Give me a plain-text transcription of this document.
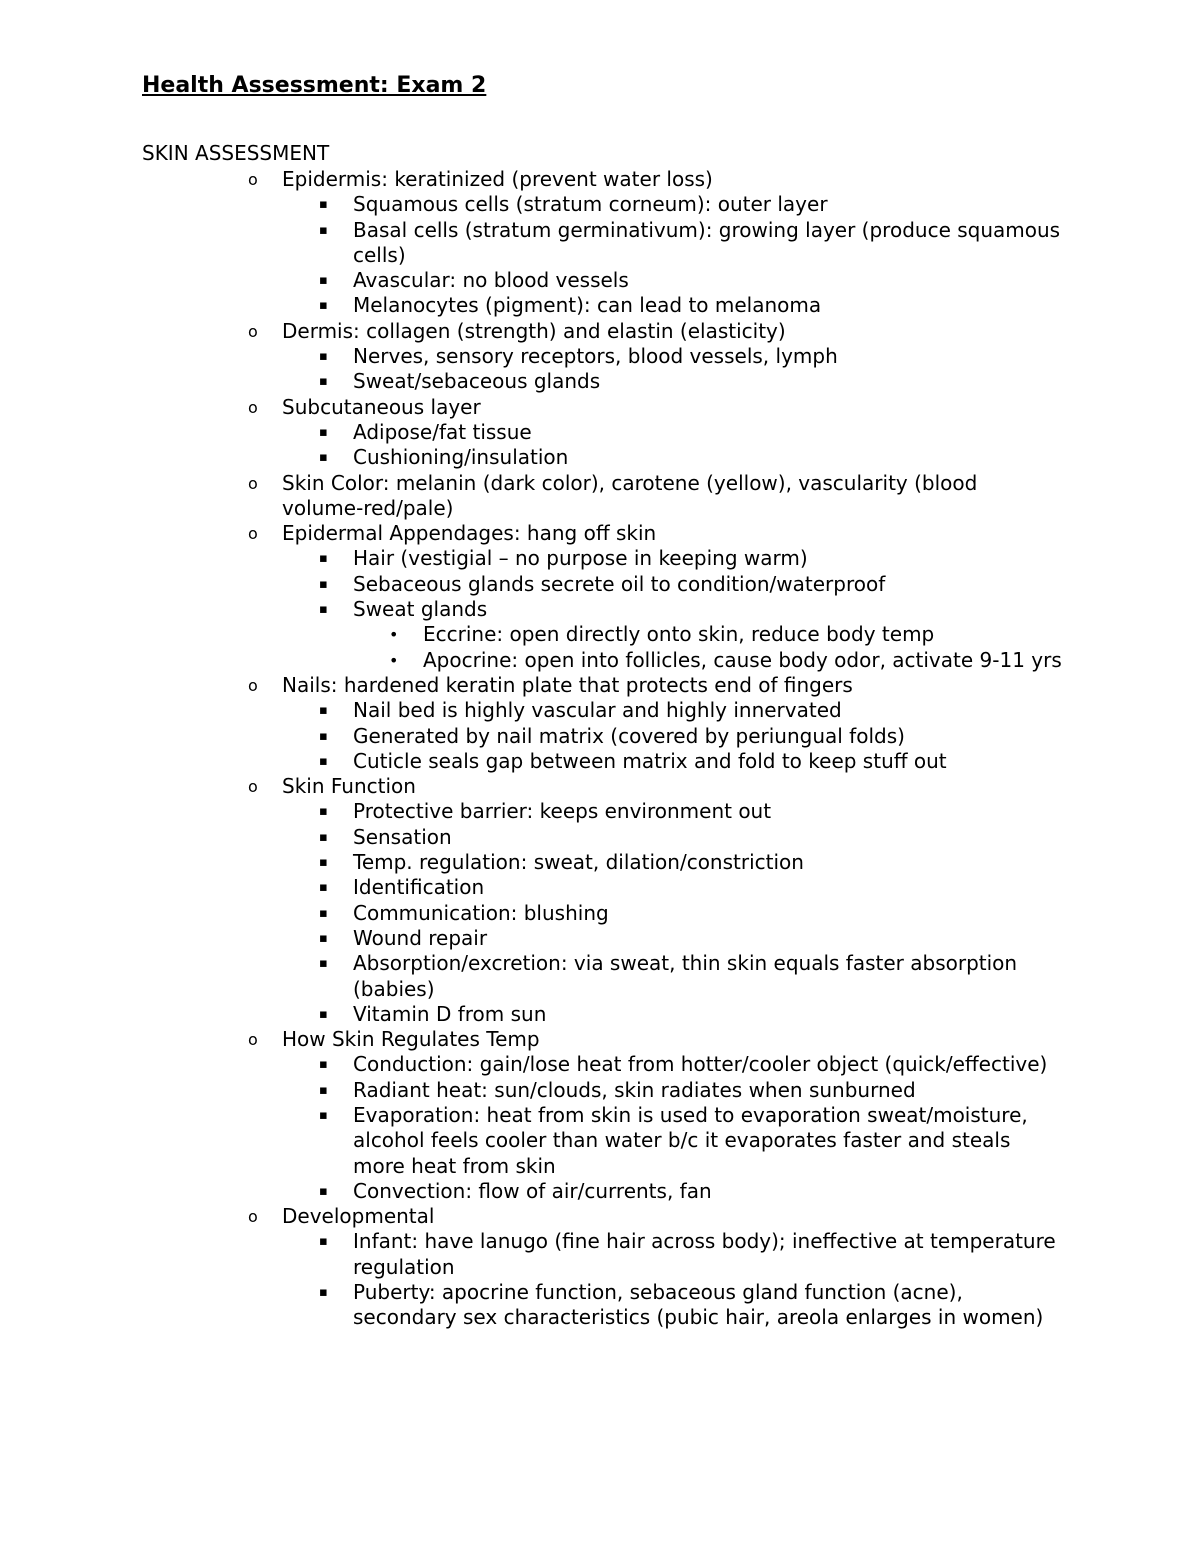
Health Assessment: Exam 2
SKIN ASSESSMENT
o Epidermis: keratinized (prevent water loss)
▪ Squamous cells (stratum corneum): outer layer
▪ Basal cells (stratum germinativum): growing layer (produce squamous cells)
▪ Avascular: no blood vessels
▪ Melanocytes (pigment): can lead to melanoma
o Dermis: collagen (strength) and elastin (elasticity)
▪ Nerves, sensory receptors, blood vessels, lymph
▪ Sweat/sebaceous glands
o Subcutaneous layer
▪ Adipose/fat tissue
▪ Cushioning/insulation
o Skin Color: melanin (dark color), carotene (yellow), vascularity (blood volume-red/pale)
o Epidermal Appendages: hang off skin
▪ Hair (vestigial – no purpose in keeping warm)
▪ Sebaceous glands secrete oil to condition/waterproof
▪ Sweat glands
• Eccrine: open directly onto skin, reduce body temp
• Apocrine: open into follicles, cause body odor, activate 9-11 yrs
o Nails: hardened keratin plate that protects end of fingers
▪ Nail bed is highly vascular and highly innervated
▪ Generated by nail matrix (covered by periungual folds)
▪ Cuticle seals gap between matrix and fold to keep stuff out
o Skin Function
▪ Protective barrier: keeps environment out
▪ Sensation
▪ Temp. regulation: sweat, dilation/constriction
▪ Identification
▪ Communication: blushing
▪ Wound repair
▪ Absorption/excretion: via sweat, thin skin equals faster absorption (babies)
▪ Vitamin D from sun
o How Skin Regulates Temp
▪ Conduction: gain/lose heat from hotter/cooler object (quick/effective)
▪ Radiant heat: sun/clouds, skin radiates when sunburned
▪ Evaporation: heat from skin is used to evaporation sweat/moisture, alcohol feels cooler than water b/c it evaporates faster and steals more heat from skin
▪ Convection: flow of air/currents, fan
o Developmental
▪ Infant: have lanugo (fine hair across body); ineffective at temperature regulation
▪ Puberty: apocrine function, sebaceous gland function (acne), secondary sex characteristics (pubic hair, areola enlarges in women)
